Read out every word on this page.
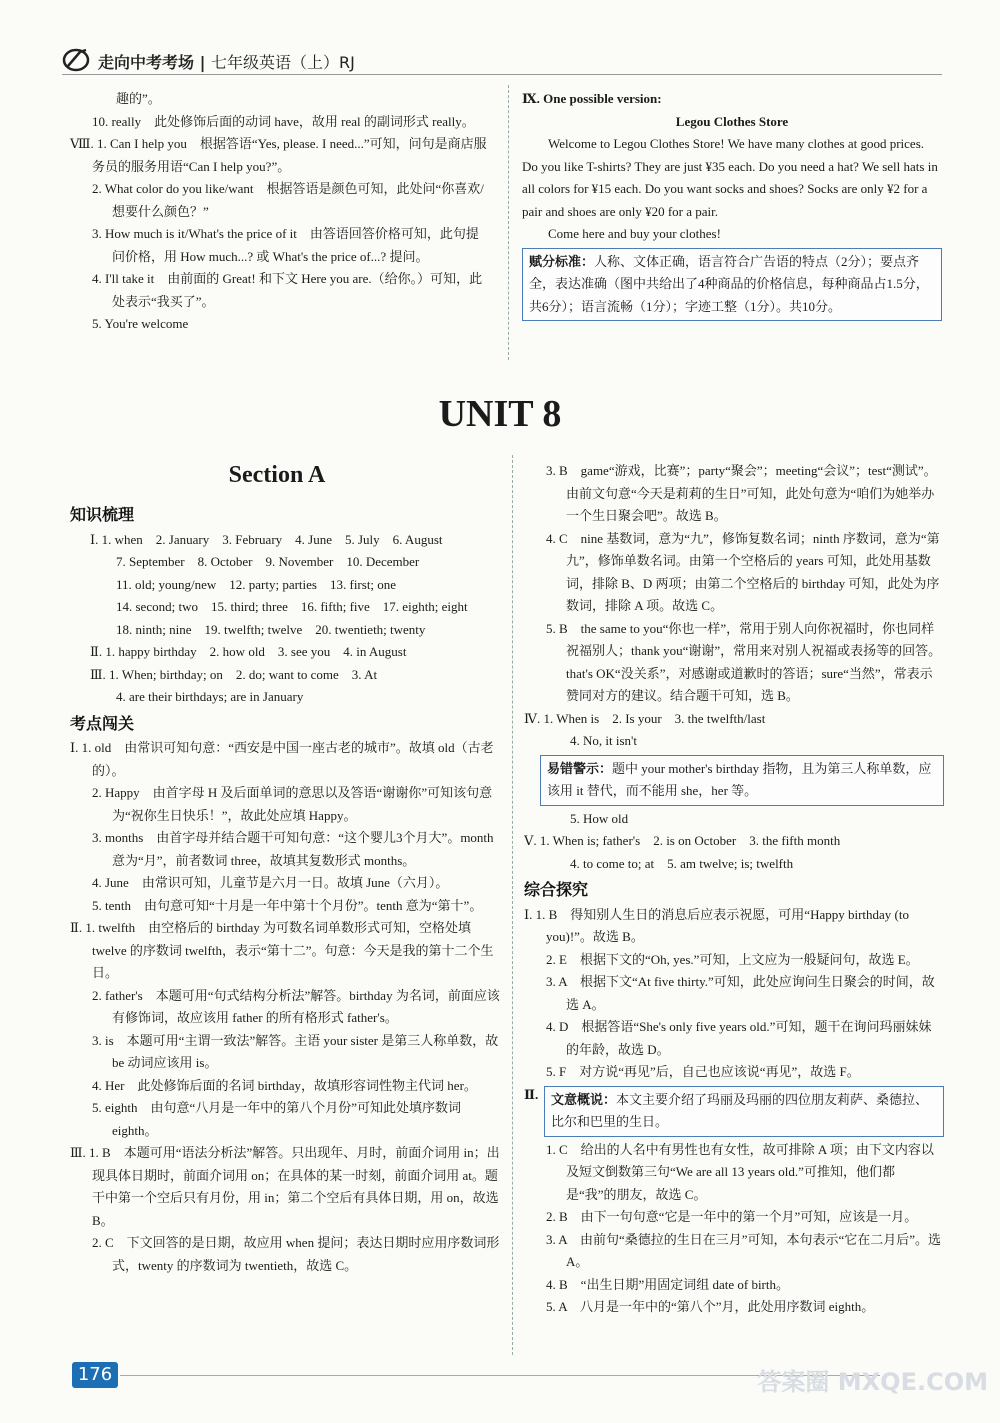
走向中考考场 | 七年级英语（上）RJ

趣的”。

10. really　此处修饰后面的动词 have，故用 real 的副词形式 really。

Ⅷ. 1. Can I help you　根据答语“Yes, please. I need...”可知，问句是商店服务员的服务用语“Can I help you?”。

2. What color do you like/want　根据答语是颜色可知，此处问“你喜欢/想要什么颜色？”

3. How much is it/What's the price of it　由答语回答价格可知，此句提问价格，用 How much...? 或 What's the price of...? 提问。

4. I'll take it　由前面的 Great! 和下文 Here you are.（给你。）可知，此处表示“我买了”。

5. You're welcome

Ⅸ. One possible version:

Legou Clothes Store

Welcome to Legou Clothes Store! We have many clothes at good prices. Do you like T-shirts? They are just ¥35 each. Do you need a hat? We sell hats in all colors for ¥15 each. Do you want socks and shoes? Socks are only ¥2 for a pair and shoes are only ¥20 for a pair.

Come here and buy your clothes!

赋分标准：人称、文体正确，语言符合广告语的特点（2分）；要点齐全，表达准确（图中共给出了4种商品的价格信息，每种商品占1.5分，共6分）；语言流畅（1分）；字迹工整（1分）。共10分。
UNIT 8
Section A
知识梳理

Ⅰ. 1. when　2. January　3. February　4. June　5. July　6. August

7. September　8. October　9. November　10. December

11. old; young/new　12. party; parties　13. first; one

14. second; two　15. third; three　16. fifth; five　17. eighth; eight

18. ninth; nine　19. twelfth; twelve　20. twentieth; twenty

Ⅱ. 1. happy birthday　2. how old　3. see you　4. in August

Ⅲ. 1. When; birthday; on　2. do; want to come　3. At

4. are their birthdays; are in January

考点闯关

Ⅰ. 1. old　由常识可知句意：“西安是中国一座古老的城市”。故填 old（古老的）。

2. Happy　由首字母 H 及后面单词的意思以及答语“谢谢你”可知该句意为“祝你生日快乐！”，故此处应填 Happy。

3. months　由首字母并结合题干可知句意：“这个婴儿3个月大”。month 意为“月”，前者数词 three，故填其复数形式 months。

4. June　由常识可知，儿童节是六月一日。故填 June（六月）。

5. tenth　由句意可知“十月是一年中第十个月份”。tenth 意为“第十”。

Ⅱ. 1. twelfth　由空格后的 birthday 为可数名词单数形式可知，空格处填 twelve 的序数词 twelfth，表示“第十二”。句意：今天是我的第十二个生日。

2. father's　本题可用“句式结构分析法”解答。birthday 为名词，前面应该有修饰词，故应该用 father 的所有格形式 father's。

3. is　本题可用“主谓一致法”解答。主语 your sister 是第三人称单数，故 be 动词应该用 is。

4. Her　此处修饰后面的名词 birthday，故填形容词性物主代词 her。

5. eighth　由句意“八月是一年中的第八个月份”可知此处填序数词 eighth。

Ⅲ. 1. B　本题可用“语法分析法”解答。只出现年、月时，前面介词用 in；出现具体日期时，前面介词用 on；在具体的某一时刻，前面介词用 at。题干中第一个空后只有月份，用 in；第二个空后有具体日期，用 on，故选 B。

2. C　下文回答的是日期，故应用 when 提问；表达日期时应用序数词形式，twenty 的序数词为 twentieth，故选 C。

3. B　game“游戏，比赛”；party“聚会”；meeting“会议”；test“测试”。由前文句意“今天是莉莉的生日”可知，此处句意为“咱们为她举办一个生日聚会吧”。故选 B。

4. C　nine 基数词，意为“九”，修饰复数名词；ninth 序数词，意为“第九”，修饰单数名词。由第一个空格后的 years 可知，此处用基数词，排除 B、D 两项；由第二个空格后的 birthday 可知，此处为序数词，排除 A 项。故选 C。

5. B　the same to you“你也一样”，常用于别人向你祝福时，你也同样祝福别人；thank you“谢谢”，常用来对别人祝福或表扬等的回答。that's OK“没关系”，对感谢或道歉时的答语；sure“当然”，常表示赞同对方的建议。结合题干可知，选 B。

Ⅳ. 1. When is　2. Is your　3. the twelfth/last

4. No, it isn't

易错警示：题中 your mother's birthday 指物，且为第三人称单数，应该用 it 替代，而不能用 she，her 等。

5. How old

Ⅴ. 1. When is; father's　2. is on October　3. the fifth month

4. to come to; at　5. am twelve; is; twelfth

综合探究

Ⅰ. 1. B　得知别人生日的消息后应表示祝愿，可用“Happy birthday (to you)!”。故选 B。

2. E　根据下文的“Oh, yes.”可知，上文应为一般疑问句，故选 E。

3. A　根据下文“At five thirty.”可知，此处应询问生日聚会的时间，故选 A。

4. D　根据答语“She's only five years old.”可知，题干在询问玛丽妹妹的年龄，故选 D。

5. F　对方说“再见”后，自己也应该说“再见”，故选 F。

Ⅱ. 文意概说：本文主要介绍了玛丽及玛丽的四位朋友莉萨、桑德拉、比尔和巴里的生日。

1. C　给出的人名中有男性也有女性，故可排除 A 项；由下文内容以及短文倒数第三句“We are all 13 years old.”可推知，他们都是“我”的朋友，故选 C。

2. B　由下一句句意“它是一年中的第一个月”可知，应该是一月。

3. A　由前句“桑德拉的生日在三月”可知，本句表示“它在二月后”。选 A。

4. B　“出生日期”用固定词组 date of birth。

5. A　八月是一年中的“第八个”月，此处用序数词 eighth。

176	答案圈 MXQE.COM
